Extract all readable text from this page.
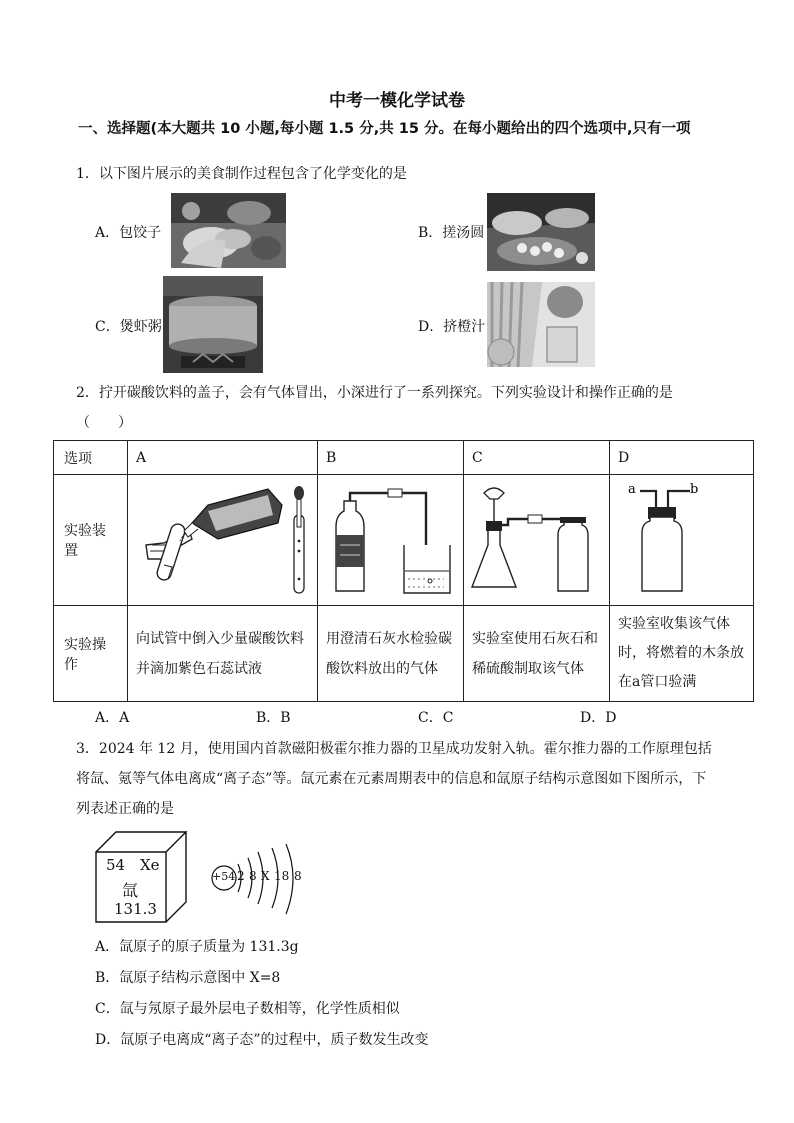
中考一模化学试卷
一、选择题(本大题共 10 小题,每小题 1.5 分,共 15 分。在每小题给出的四个选项中,只有一项
1．以下图片展示的美食制作过程包含了化学变化的是
A．包饺子	B．搓汤圆
C．煲虾粥	D．挤橙汁
2．拧开碳酸饮料的盖子，会有气体冒出，小深进行了一系列探究。下列实验设计和操作正确的是
（　　）
选项	A	B	C	D
实验装置				a b

实验操作	向试管中倒入少量碳酸饮料并滴加紫色石蕊试液	用澄清石灰水检验碳酸饮料放出的气体	实验室使用石灰石和稀硫酸制取该气体	实验室收集该气体时，将燃着的木条放在a管口验满
A．A	B．B	C．C	D．D
3．2024 年 12 月，使用国内首款磁阳极霍尔推力器的卫星成功发射入轨。霍尔推力器的工作原理包括
将氙、氪等气体电离成“离子态”等。氙元素在元素周期表中的信息和氙原子结构示意图如下图所示，下
列表述正确的是
54 Xe
氙
131.3
+54 2 8 X 18 8
A．氙原子的原子质量为 131.3g
B．氙原子结构示意图中 X=8
C．氙与氖原子最外层电子数相等，化学性质相似
D．氙原子电离成“离子态”的过程中，质子数发生改变
